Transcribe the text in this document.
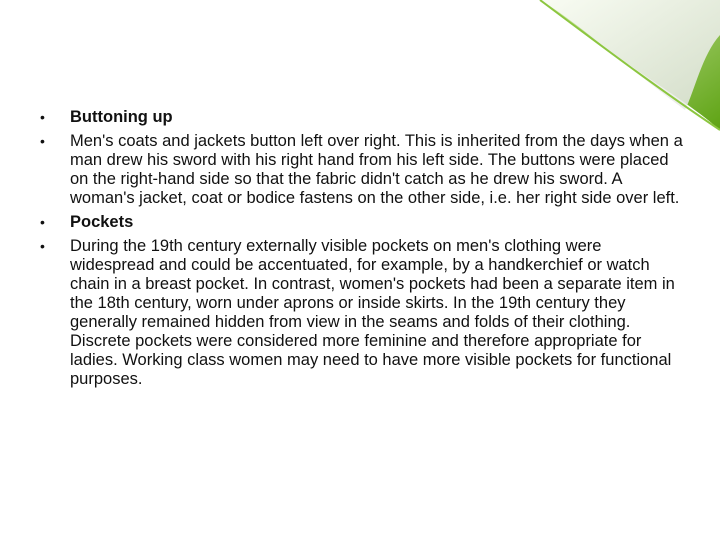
• Buttoning up
• Men's coats and jackets button left over right. This is inherited from the days when a man drew his sword with his right hand from his left side. The buttons were placed on the right-hand side so that the fabric didn't catch as he drew his sword. A woman's jacket, coat or bodice fastens on the other side, i.e. her right side over left.
• Pockets
• During the 19th century externally visible pockets on men's clothing were widespread and could be accentuated, for example, by a handkerchief or watch chain in a breast pocket. In contrast, women's pockets had been a separate item in the 18th century, worn under aprons or inside skirts. In the 19th century they generally remained hidden from view in the seams and folds of their clothing. Discrete pockets were considered more feminine and therefore appropriate for ladies. Working class women may need to have more visible pockets for functional purposes.
